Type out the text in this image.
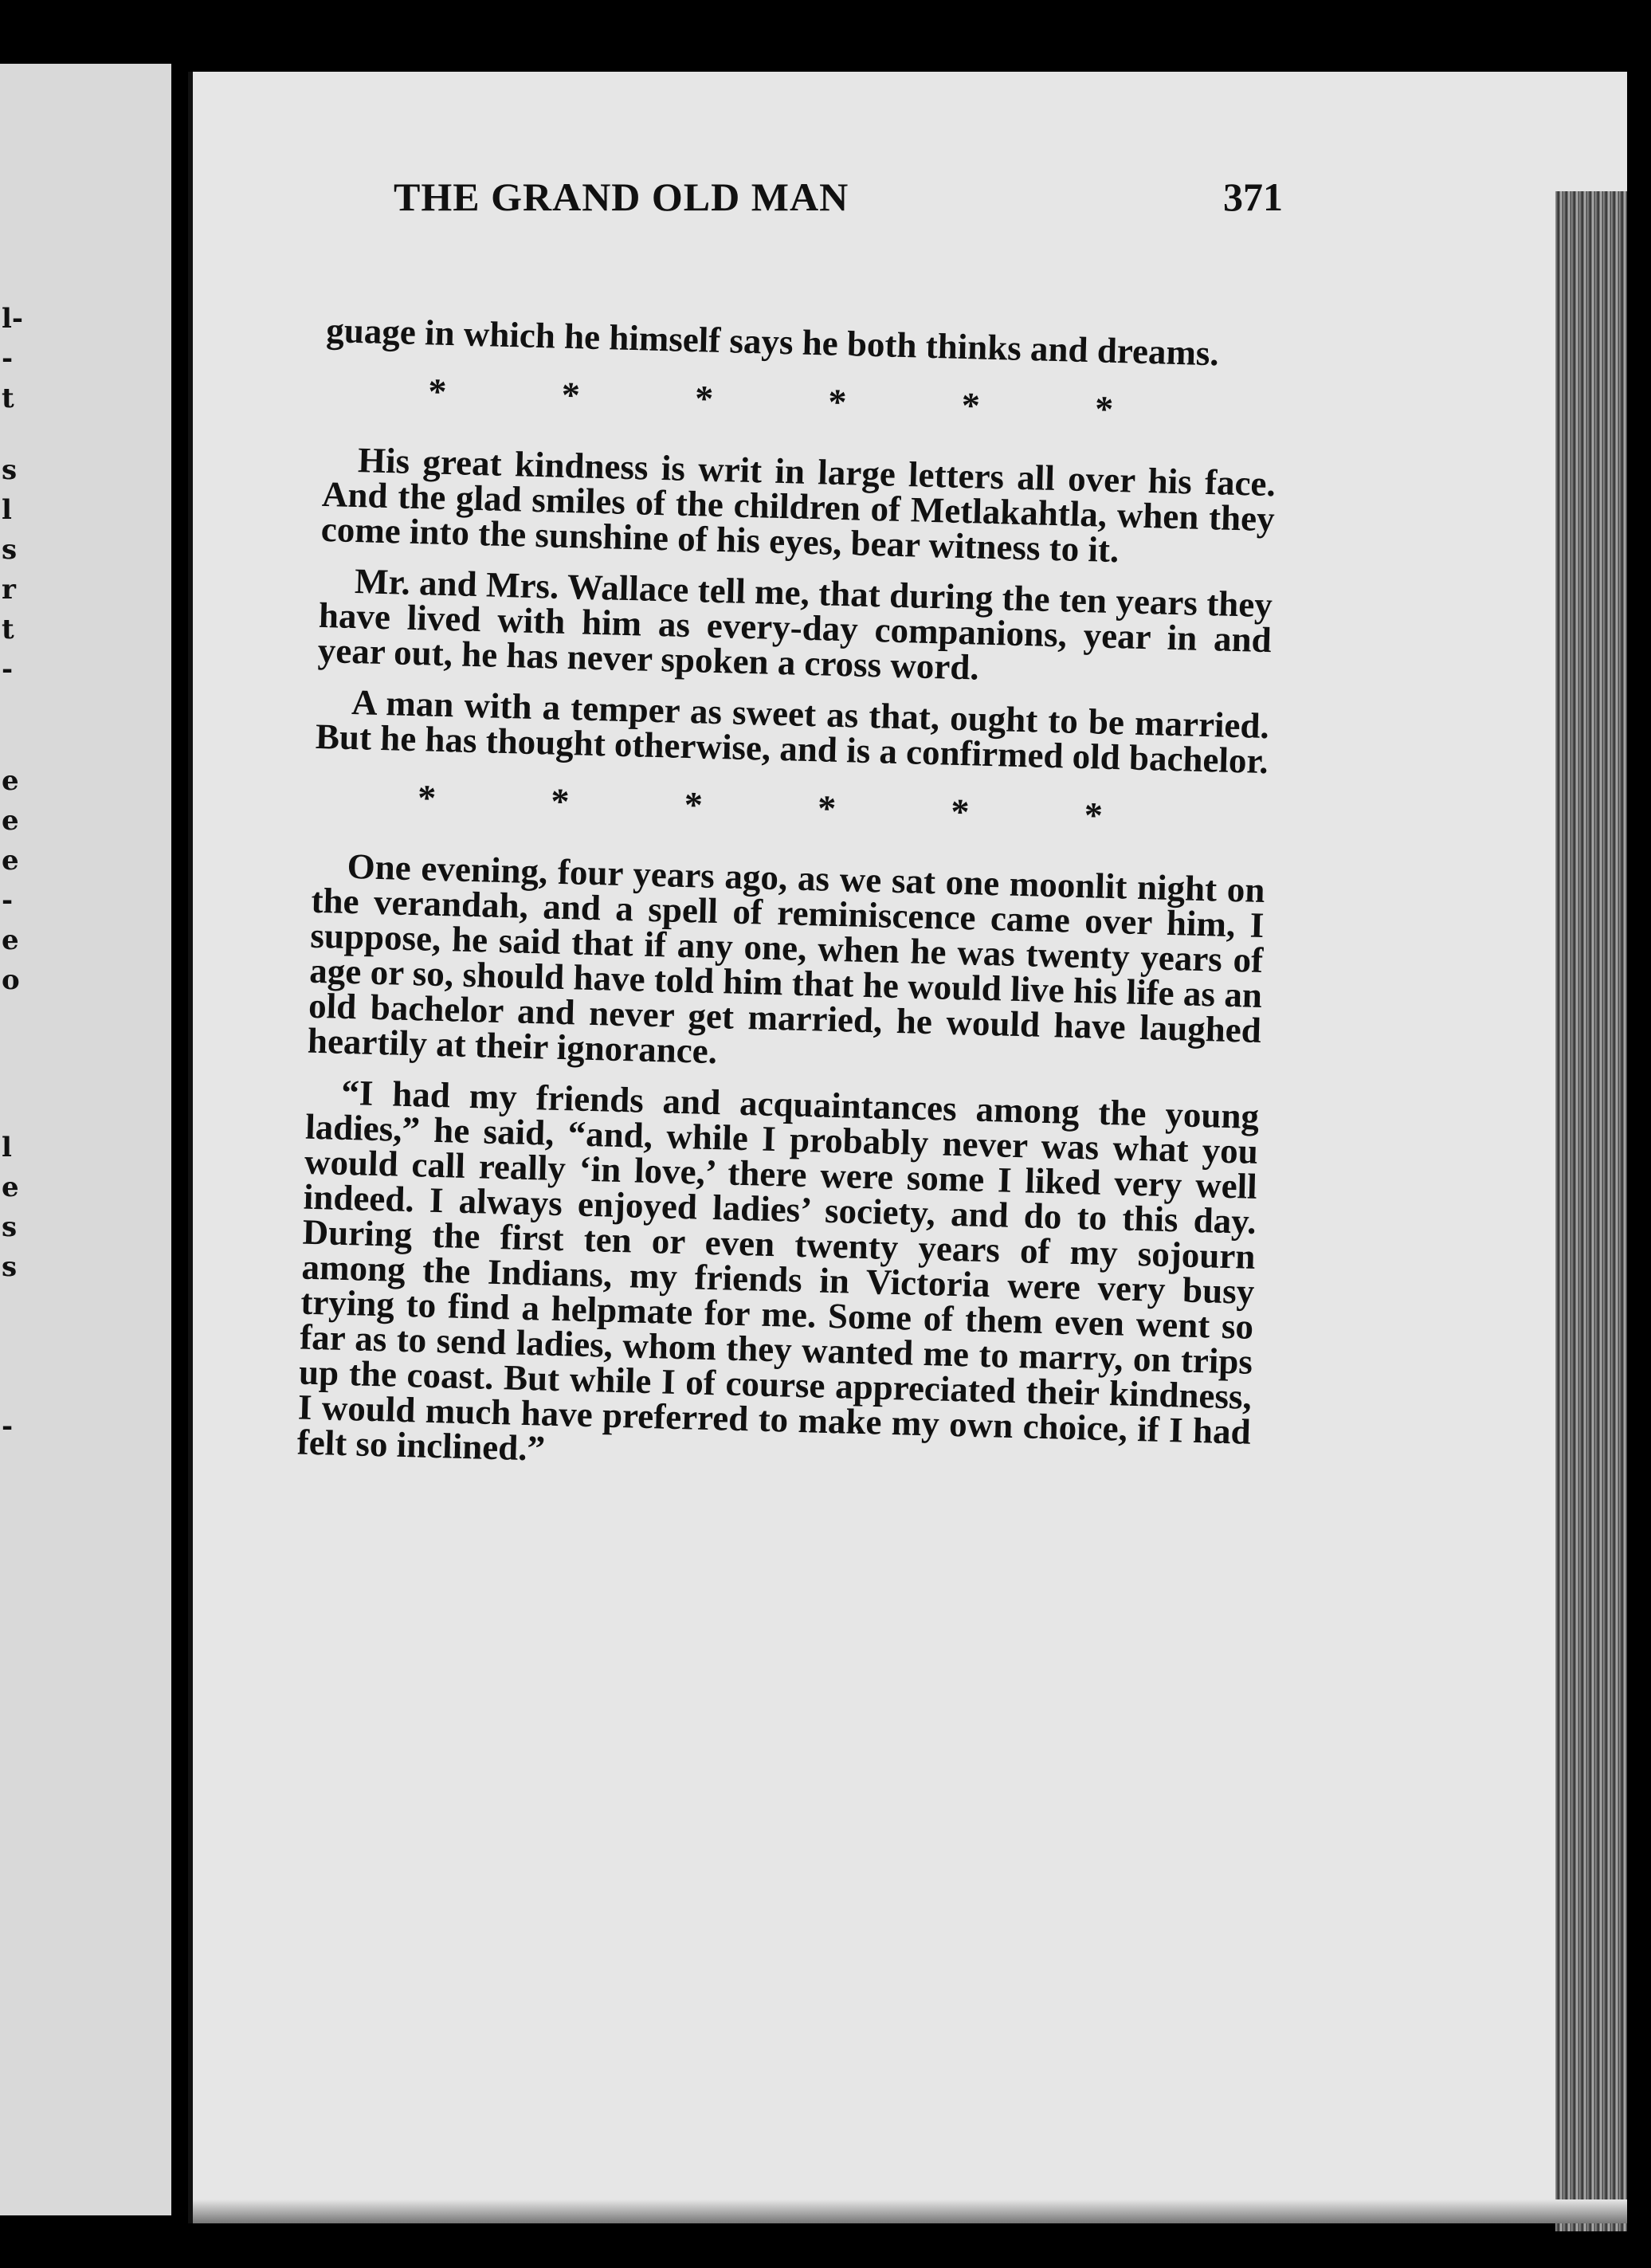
l-
-
t
s
l
s
r
t
-
e
e
e
-
e
o
l
e
s
s
-
THE GRAND OLD MAN	371

guage in which he himself says he both thinks and dreams.

*	*	*	*	*	*

His great kindness is writ in large letters all over his face. And the glad smiles of the children of Metlakahtla, when they come into the sunshine of his eyes, bear witness to it.

Mr. and Mrs. Wallace tell me, that during the ten years they have lived with him as every-day companions, year in and year out, he has never spoken a cross word.

A man with a temper as sweet as that, ought to be married. But he has thought otherwise, and is a confirmed old bachelor.

*	*	*	*	*	*

One evening, four years ago, as we sat one moonlit night on the verandah, and a spell of reminiscence came over him, I suppose, he said that if any one, when he was twenty years of age or so, should have told him that he would live his life as an old bachelor and never get married, he would have laughed heartily at their ignorance.

“I had my friends and acquaintances among the young ladies,” he said, “and, while I probably never was what you would call really ‘in love,’ there were some I liked very well indeed. I always enjoyed ladies’ society, and do to this day. During the first ten or even twenty years of my sojourn among the Indians, my friends in Victoria were very busy trying to find a helpmate for me. Some of them even went so far as to send ladies, whom they wanted me to marry, on trips up the coast. But while I of course appreciated their kindness, I would much have preferred to make my own choice, if I had felt so inclined.”
